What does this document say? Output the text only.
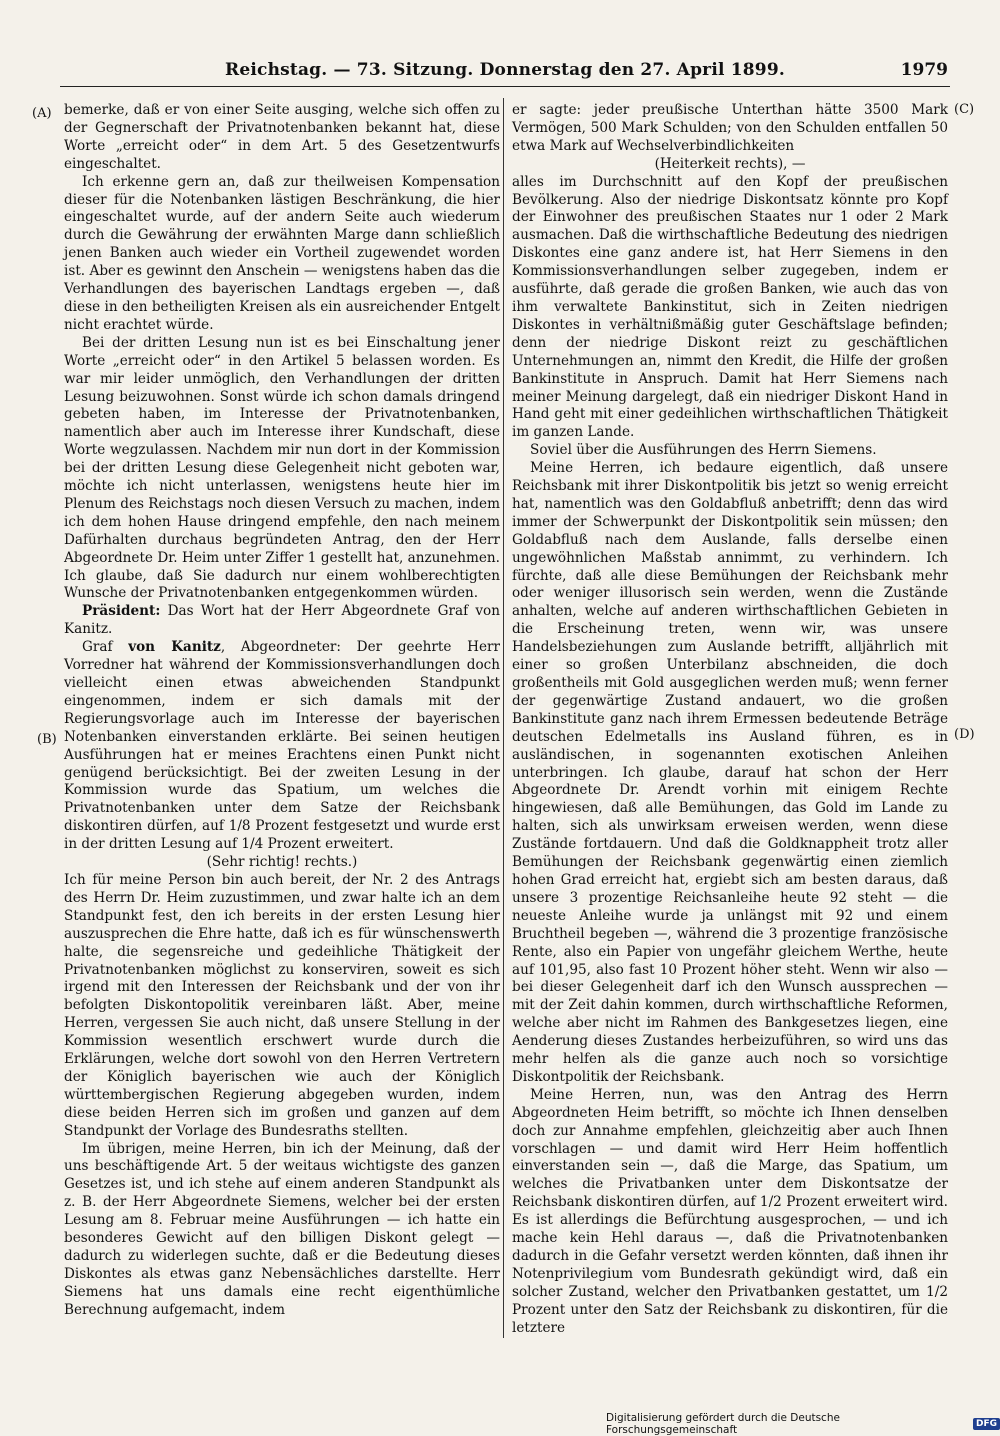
Reichstag. — 73. Sitzung. Donnerstag den 27. April 1899.	1979
(A)
(B)
(C)
(D)

bemerke, daß er von einer Seite ausging, welche sich offen zu der Gegnerschaft der Privatnotenbanken bekannt hat, diese Worte „erreicht oder“ in dem Art. 5 des Gesetzentwurfs eingeschaltet.

Ich erkenne gern an, daß zur theilweisen Kompensation dieser für die Notenbanken lästigen Beschränkung, die hier eingeschaltet wurde, auf der andern Seite auch wiederum durch die Gewährung der erwähnten Marge dann schließlich jenen Banken auch wieder ein Vortheil zugewendet worden ist. Aber es gewinnt den Anschein — wenigstens haben das die Verhandlungen des bayerischen Landtags ergeben —, daß diese in den betheiligten Kreisen als ein ausreichender Entgelt nicht erachtet würde.

Bei der dritten Lesung nun ist es bei Einschaltung jener Worte „erreicht oder“ in den Artikel 5 belassen worden. Es war mir leider unmöglich, den Verhandlungen der dritten Lesung beizuwohnen. Sonst würde ich schon damals dringend gebeten haben, im Interesse der Privatnotenbanken, namentlich aber auch im Interesse ihrer Kundschaft, diese Worte wegzulassen. Nachdem mir nun dort in der Kommission bei der dritten Lesung diese Gelegenheit nicht geboten war, möchte ich nicht unterlassen, wenigstens heute hier im Plenum des Reichstags noch diesen Versuch zu machen, indem ich dem hohen Hause dringend empfehle, den nach meinem Dafürhalten durchaus begründeten Antrag, den der Herr Abgeordnete Dr. Heim unter Ziffer 1 gestellt hat, anzunehmen. Ich glaube, daß Sie dadurch nur einem wohlberechtigten Wunsche der Privatnotenbanken entgegenkommen würden.

Präsident: Das Wort hat der Herr Abgeordnete Graf von Kanitz.

Graf von Kanitz, Abgeordneter: Der geehrte Herr Vorredner hat während der Kommissionsverhandlungen doch vielleicht einen etwas abweichenden Standpunkt eingenommen, indem er sich damals mit der Regierungsvorlage auch im Interesse der bayerischen Notenbanken einverstanden erklärte. Bei seinen heutigen Ausführungen hat er meines Erachtens einen Punkt nicht genügend berücksichtigt. Bei der zweiten Lesung in der Kommission wurde das Spatium, um welches die Privatnotenbanken unter dem Satze der Reichsbank diskontiren dürfen, auf 1/8 Prozent festgesetzt und wurde erst in der dritten Lesung auf 1/4 Prozent erweitert.

(Sehr richtig! rechts.)

Ich für meine Person bin auch bereit, der Nr. 2 des Antrags des Herrn Dr. Heim zuzustimmen, und zwar halte ich an dem Standpunkt fest, den ich bereits in der ersten Lesung hier auszusprechen die Ehre hatte, daß ich es für wünschenswerth halte, die segensreiche und gedeihliche Thätigkeit der Privatnotenbanken möglichst zu konserviren, soweit es sich irgend mit den Interessen der Reichsbank und der von ihr befolgten Diskontopolitik vereinbaren läßt. Aber, meine Herren, vergessen Sie auch nicht, daß unsere Stellung in der Kommission wesentlich erschwert wurde durch die Erklärungen, welche dort sowohl von den Herren Vertretern der Königlich bayerischen wie auch der Königlich württembergischen Regierung abgegeben wurden, indem diese beiden Herren sich im großen und ganzen auf dem Standpunkt der Vorlage des Bundesraths stellten.

Im übrigen, meine Herren, bin ich der Meinung, daß der uns beschäftigende Art. 5 der weitaus wichtigste des ganzen Gesetzes ist, und ich stehe auf einem anderen Standpunkt als z. B. der Herr Abgeordnete Siemens, welcher bei der ersten Lesung am 8. Februar meine Ausführungen — ich hatte ein besonderes Gewicht auf den billigen Diskont gelegt — dadurch zu widerlegen suchte, daß er die Bedeutung dieses Diskontes als etwas ganz Nebensächliches darstellte. Herr Siemens hat uns damals eine recht eigenthümliche Berechnung aufgemacht, indem

er sagte: jeder preußische Unterthan hätte 3500 Mark Vermögen, 500 Mark Schulden; von den Schulden entfallen 50 etwa Mark auf Wechselverbindlichkeiten

(Heiterkeit rechts), —

alles im Durchschnitt auf den Kopf der preußischen Bevölkerung. Also der niedrige Diskontsatz könnte pro Kopf der Einwohner des preußischen Staates nur 1 oder 2 Mark ausmachen. Daß die wirthschaftliche Bedeutung des niedrigen Diskontes eine ganz andere ist, hat Herr Siemens in den Kommissionsverhandlungen selber zugegeben, indem er ausführte, daß gerade die großen Banken, wie auch das von ihm verwaltete Bankinstitut, sich in Zeiten niedrigen Diskontes in verhältnißmäßig guter Geschäftslage befinden; denn der niedrige Diskont reizt zu geschäftlichen Unternehmungen an, nimmt den Kredit, die Hilfe der großen Bankinstitute in Anspruch. Damit hat Herr Siemens nach meiner Meinung dargelegt, daß ein niedriger Diskont Hand in Hand geht mit einer gedeihlichen wirthschaftlichen Thätigkeit im ganzen Lande.

Soviel über die Ausführungen des Herrn Siemens.

Meine Herren, ich bedaure eigentlich, daß unsere Reichsbank mit ihrer Diskontpolitik bis jetzt so wenig erreicht hat, namentlich was den Goldabfluß anbetrifft; denn das wird immer der Schwerpunkt der Diskontpolitik sein müssen; den Goldabfluß nach dem Auslande, falls derselbe einen ungewöhnlichen Maßstab annimmt, zu verhindern. Ich fürchte, daß alle diese Bemühungen der Reichsbank mehr oder weniger illusorisch sein werden, wenn die Zustände anhalten, welche auf anderen wirthschaftlichen Gebieten in die Erscheinung treten, wenn wir, was unsere Handelsbeziehungen zum Auslande betrifft, alljährlich mit einer so großen Unterbilanz abschneiden, die doch großentheils mit Gold ausgeglichen werden muß; wenn ferner der gegenwärtige Zustand andauert, wo die großen Bankinstitute ganz nach ihrem Ermessen bedeutende Beträge deutschen Edelmetalls ins Ausland führen, es in ausländischen, in sogenannten exotischen Anleihen unterbringen. Ich glaube, darauf hat schon der Herr Abgeordnete Dr. Arendt vorhin mit einigem Rechte hingewiesen, daß alle Bemühungen, das Gold im Lande zu halten, sich als unwirksam erweisen werden, wenn diese Zustände fortdauern. Und daß die Goldknappheit trotz aller Bemühungen der Reichsbank gegenwärtig einen ziemlich hohen Grad erreicht hat, ergiebt sich am besten daraus, daß unsere 3 prozentige Reichsanleihe heute 92 steht — die neueste Anleihe wurde ja unlängst mit 92 und einem Bruchtheil begeben —, während die 3 prozentige französische Rente, also ein Papier von ungefähr gleichem Werthe, heute auf 101,95, also fast 10 Prozent höher steht. Wenn wir also — bei dieser Gelegenheit darf ich den Wunsch aussprechen — mit der Zeit dahin kommen, durch wirthschaftliche Reformen, welche aber nicht im Rahmen des Bankgesetzes liegen, eine Aenderung dieses Zustandes herbeizuführen, so wird uns das mehr helfen als die ganze auch noch so vorsichtige Diskontpolitik der Reichsbank.

Meine Herren, nun, was den Antrag des Herrn Abgeordneten Heim betrifft, so möchte ich Ihnen denselben doch zur Annahme empfehlen, gleichzeitig aber auch Ihnen vorschlagen — und damit wird Herr Heim hoffentlich einverstanden sein —, daß die Marge, das Spatium, um welches die Privatbanken unter dem Diskontsatze der Reichsbank diskontiren dürfen, auf 1/2 Prozent erweitert wird. Es ist allerdings die Befürchtung ausgesprochen, — und ich mache kein Hehl daraus —, daß die Privatnotenbanken dadurch in die Gefahr versetzt werden könnten, daß ihnen ihr Notenprivilegium vom Bundesrath gekündigt wird, daß ein solcher Zustand, welcher den Privatbanken gestattet, um 1/2 Prozent unter den Satz der Reichsbank zu diskontiren, für die letztere

Digitalisierung gefördert durch die Deutsche Forschungsgemeinschaft	DFG
